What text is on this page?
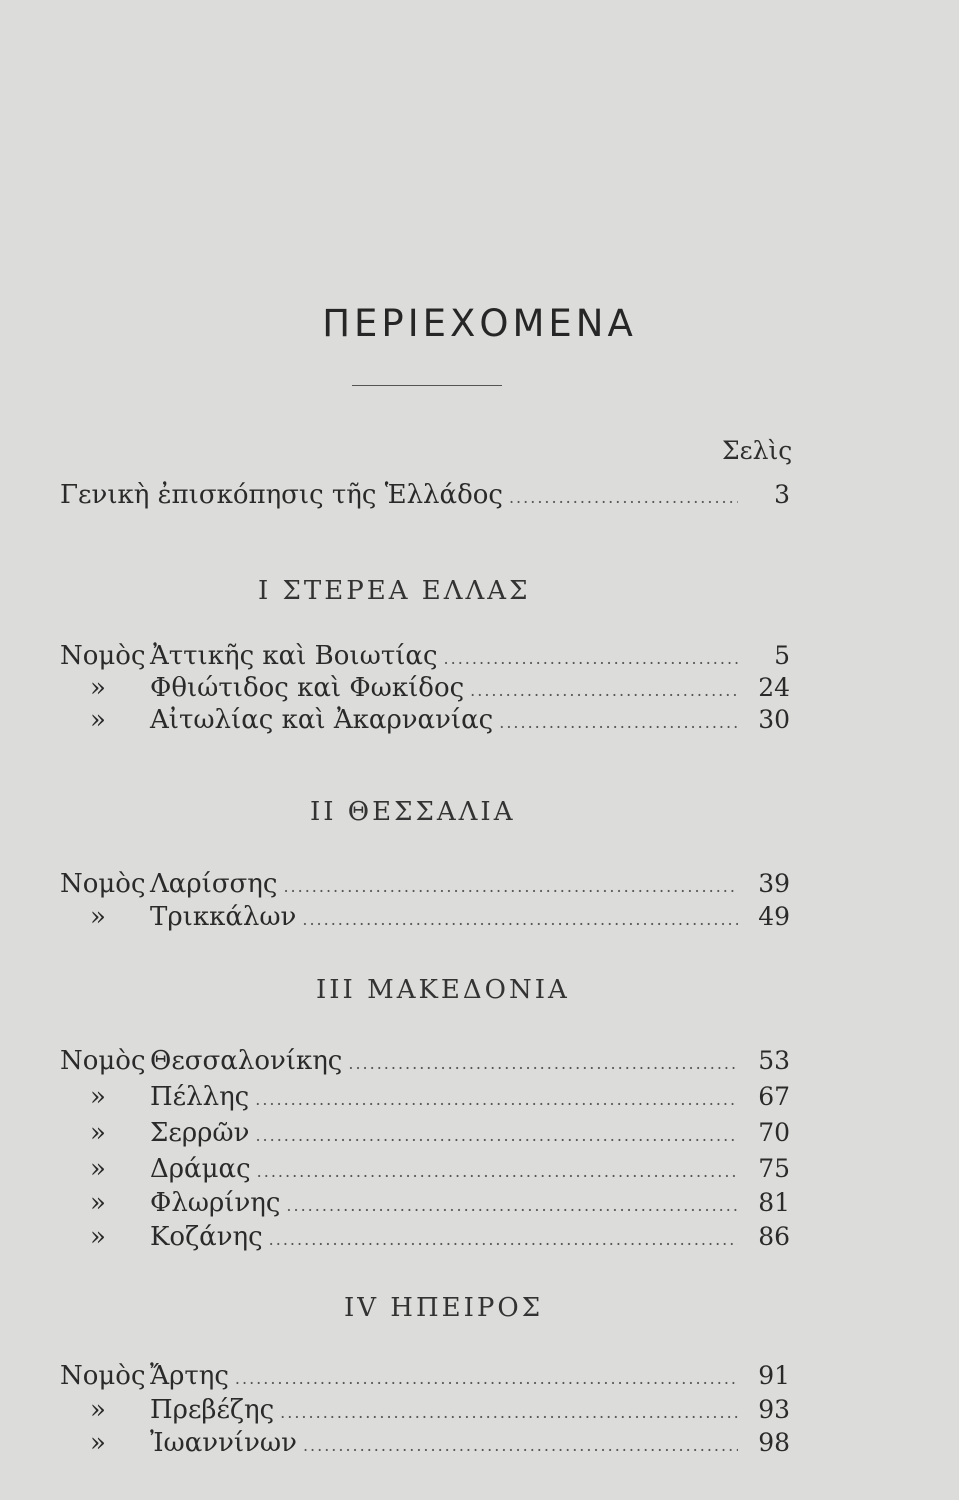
ΠΕΡΙΕΧΟΜΕΝΑ
Σελὶς
Γενικὴ ἐπισκόπησις τῆς Ἑλλάδος .....	3
Ι ΣΤΕΡΕΑ ΕΛΛΑΣ
Νομὸς Ἀττικῆς καὶ Βοιωτίας .....	5
»	Φθιώτιδος καὶ Φωκίδος .....	24
»	Αἰτωλίας καὶ Ἀκαρνανίας .....	30
ΙΙ ΘΕΣΣΑΛΙΑ
Νομὸς Λαρίσσης .....	39
»	Τρικκάλων .....	49
ΙΙΙ ΜΑΚΕΔΟΝΙΑ
Νομὸς Θεσσαλονίκης .....	53
»	Πέλλης .....	67
»	Σερρῶν .....	70
»	Δράμας .....	75
»	Φλωρίνης .....	81
»	Κοζάνης .....	86
ΙV ΗΠΕΙΡΟΣ
Νομὸς Ἄρτης .....	91
»	Πρεβέζης .....	93
»	Ἰωαννίνων .....	98
